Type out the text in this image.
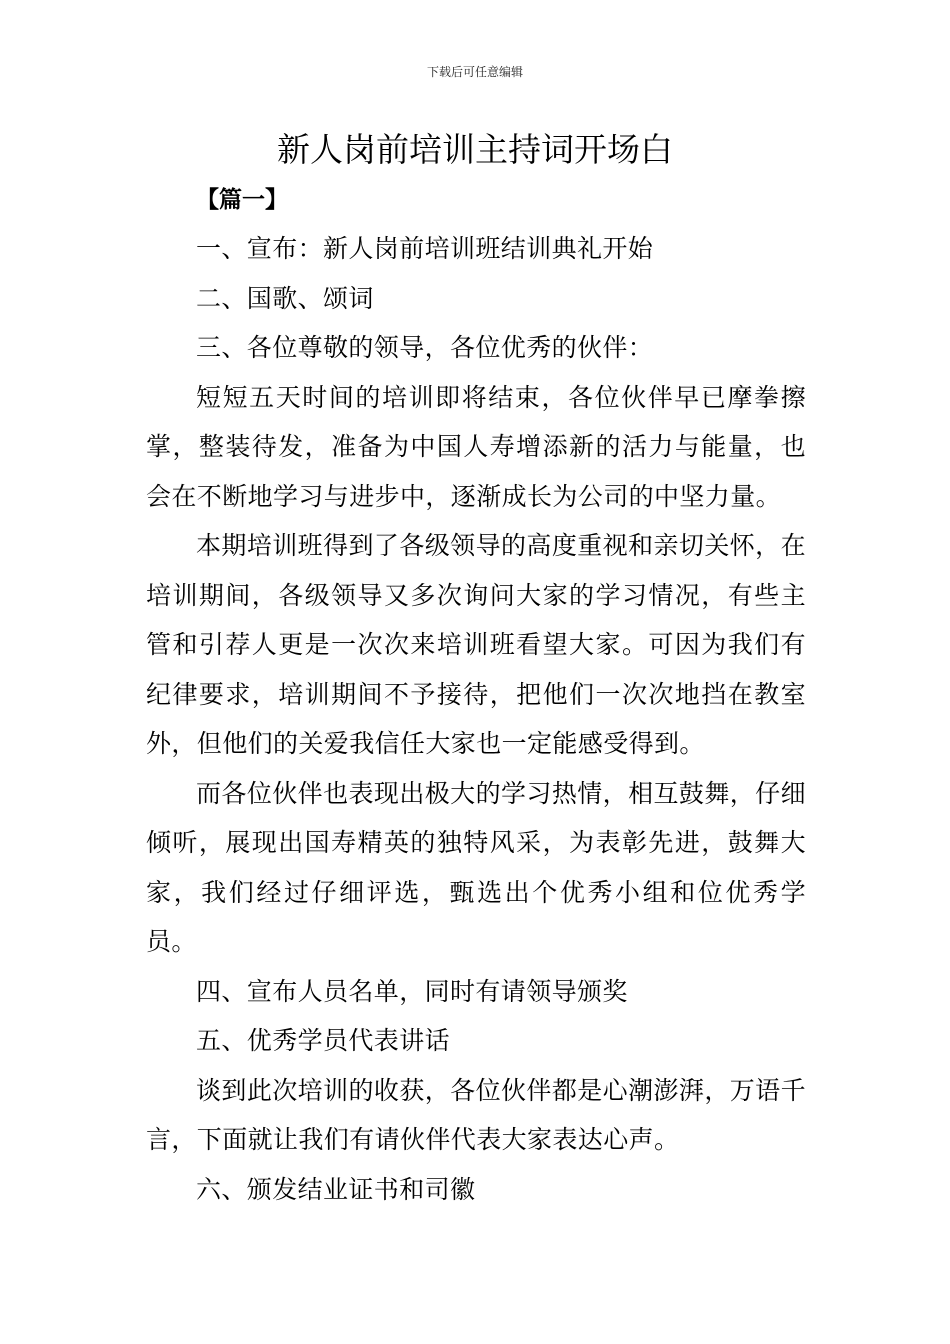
下载后可任意编辑
新人岗前培训主持词开场白
【篇一】

一、宣布：新人岗前培训班结训典礼开始

二、国歌、颂词

三、各位尊敬的领导，各位优秀的伙伴：

短短五天时间的培训即将结束，各位伙伴早已摩拳擦掌，整装待发，准备为中国人寿增添新的活力与能量，也会在不断地学习与进步中，逐渐成长为公司的中坚力量。

本期培训班得到了各级领导的高度重视和亲切关怀，在培训期间，各级领导又多次询问大家的学习情况，有些主管和引荐人更是一次次来培训班看望大家。可因为我们有纪律要求，培训期间不予接待，把他们一次次地挡在教室外，但他们的关爱我信任大家也一定能感受得到。

而各位伙伴也表现出极大的学习热情，相互鼓舞，仔细倾听，展现出国寿精英的独特风采，为表彰先进，鼓舞大家，我们经过仔细评选，甄选出个优秀小组和位优秀学员。

四、宣布人员名单，同时有请领导颁奖

五、优秀学员代表讲话

谈到此次培训的收获，各位伙伴都是心潮澎湃，万语千言，下面就让我们有请伙伴代表大家表达心声。

六、颁发结业证书和司徽
